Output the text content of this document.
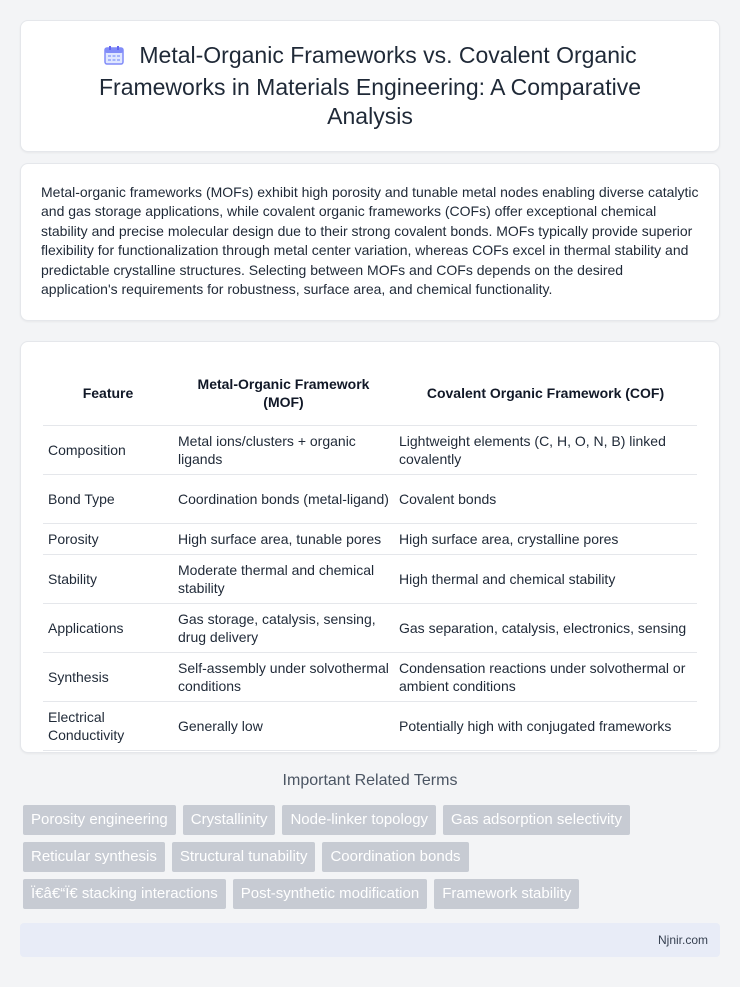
Metal-Organic Frameworks vs. Covalent Organic Frameworks in Materials Engineering: A Comparative Analysis

Metal-organic frameworks (MOFs) exhibit high porosity and tunable metal nodes enabling diverse catalytic and gas storage applications, while covalent organic frameworks (COFs) offer exceptional chemical stability and precise molecular design due to their strong covalent bonds. MOFs typically provide superior flexibility for functionalization through metal center variation, whereas COFs excel in thermal stability and predictable crystalline structures. Selecting between MOFs and COFs depends on the desired application's requirements for robustness, surface area, and chemical functionality.

Feature	Metal-Organic Framework (MOF)	Covalent Organic Framework (COF)
Composition	Metal ions/clusters + organic ligands	Lightweight elements (C, H, O, N, B) linked covalently
Bond Type	Coordination bonds (metal-ligand)	Covalent bonds
Porosity	High surface area, tunable pores	High surface area, crystalline pores
Stability	Moderate thermal and chemical stability	High thermal and chemical stability
Applications	Gas storage, catalysis, sensing, drug delivery	Gas separation, catalysis, electronics, sensing
Synthesis	Self-assembly under solvothermal conditions	Condensation reactions under solvothermal or ambient conditions
Electrical Conductivity	Generally low	Potentially high with conjugated frameworks
Important Related Terms
Porosity engineering	Crystallinity	Node-linker topology	Gas adsorption selectivity
Reticular synthesis	Structural tunability	Coordination bonds
Ï€â€“Ï€ stacking interactions	Post-synthetic modification	Framework stability
Njnir.com
